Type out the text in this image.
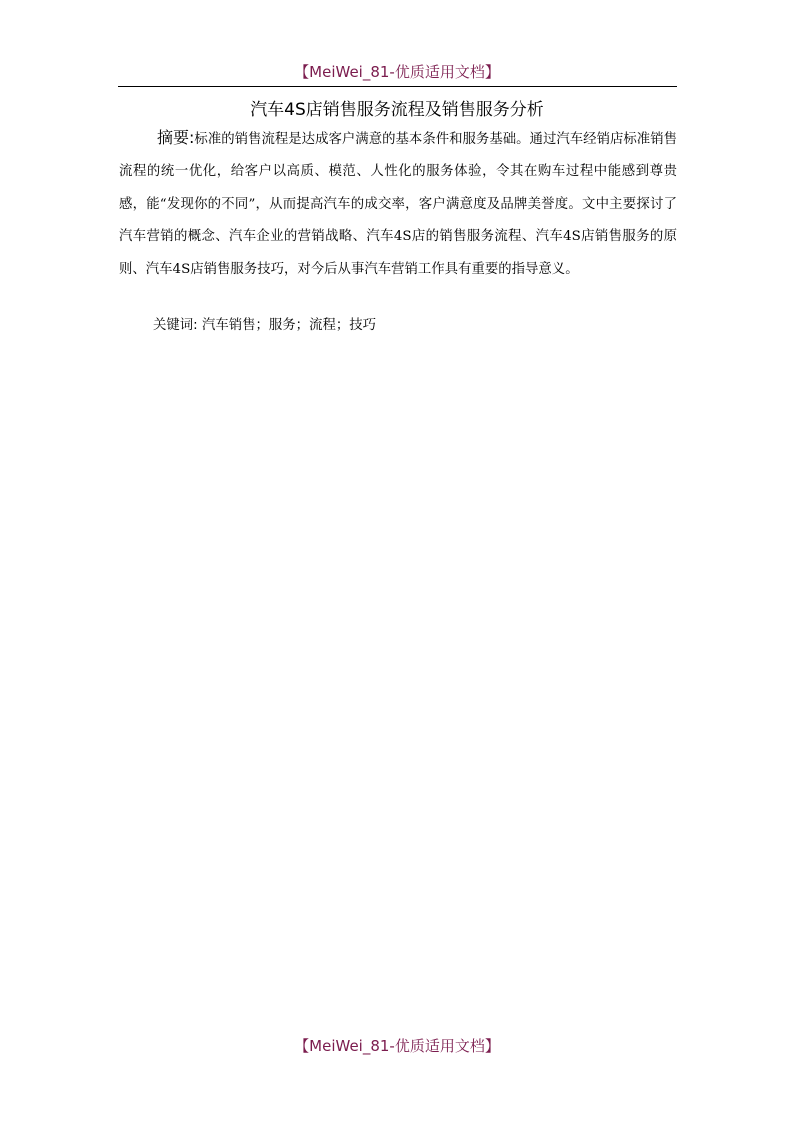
【MeiWei_81-优质适用文档】
汽车4S店销售服务流程及销售服务分析

摘要:标准的销售流程是达成客户满意的基本条件和服务基础。通过汽车经销店标准销售流程的统一优化，给客户以高质、模范、人性化的服务体验，令其在购车过程中能感到尊贵感，能“发现你的不同”，从而提高汽车的成交率，客户满意度及品牌美誉度。文中主要探讨了汽车营销的概念、汽车企业的营销战略、汽车4S店的销售服务流程、汽车4S店销售服务的原则、汽车4S店销售服务技巧，对今后从事汽车营销工作具有重要的指导意义。

关键词: 汽车销售；服务；流程；技巧

【MeiWei_81-优质适用文档】
